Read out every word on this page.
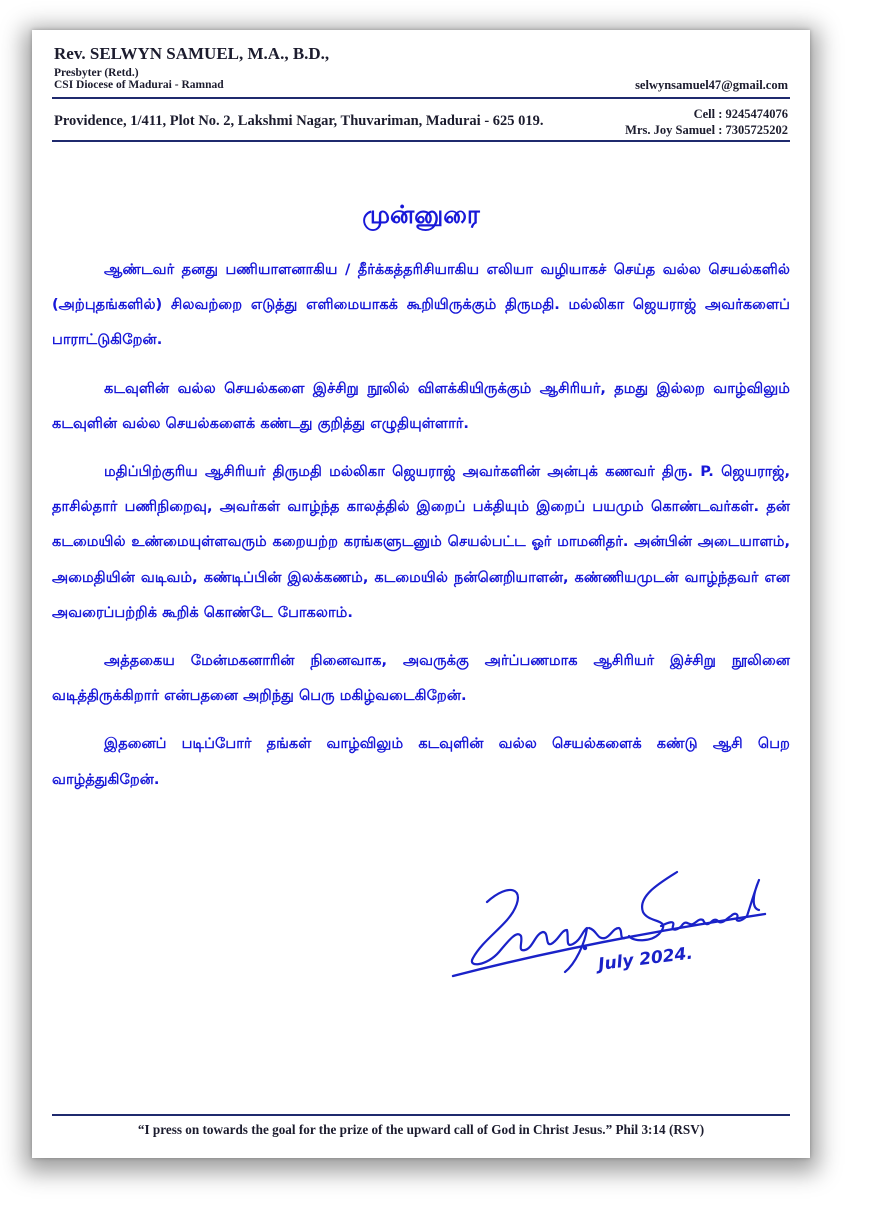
Rev. SELWYN SAMUEL, M.A., B.D.,
Presbyter (Retd.)
CSI Diocese of Madurai - Ramnad	selwynsamuel47@gmail.com
Providence, 1/411, Plot No. 2, Lakshmi Nagar, Thuvariman, Madurai - 625 019.	Cell : 9245474076
Mrs. Joy Samuel : 7305725202
முன்னுரை

ஆண்டவர் தனது பணியாளனாகிய / தீர்க்கத்தரிசியாகிய எலியா வழியாகச் செய்த வல்ல செயல்களில் (அற்புதங்களில்) சிலவற்றை எடுத்து எளிமையாகக் கூறியிருக்கும் திருமதி. மல்லிகா ஜெயராஜ் அவர்களைப் பாராட்டுகிறேன்.

கடவுளின் வல்ல செயல்களை இச்சிறு நூலில் விளக்கியிருக்கும் ஆசிரியர், தமது இல்லற வாழ்விலும் கடவுளின் வல்ல செயல்களைக் கண்டது குறித்து எழுதியுள்ளார்.

மதிப்பிற்குரிய ஆசிரியர் திருமதி மல்லிகா ஜெயராஜ் அவர்களின் அன்புக் கணவர் திரு. P. ஜெயராஜ், தாசில்தார் பணிநிறைவு, அவர்கள் வாழ்ந்த காலத்தில் இறைப் பக்தியும் இறைப் பயமும் கொண்டவர்கள். தன் கடமையில் உண்மையுள்ளவரும் கறையற்ற கரங்களுடனும் செயல்பட்ட ஓர் மாமனிதர். அன்பின் அடையாளம், அமைதியின் வடிவம், கண்டிப்பின் இலக்கணம், கடமையில் நன்னெறியாளன், கண்ணியமுடன் வாழ்ந்தவர் என அவரைப்பற்றிக் கூறிக் கொண்டே போகலாம்.

அத்தகைய மேன்மகனாரின் நினைவாக, அவருக்கு அர்ப்பணமாக ஆசிரியர் இச்சிறு நூலினை வடித்திருக்கிறார் என்பதனை அறிந்து பெரு மகிழ்வடைகிறேன்.

இதனைப் படிப்போர் தங்கள் வாழ்விலும் கடவுளின் வல்ல செயல்களைக் கண்டு ஆசி பெற வாழ்த்துகிறேன்.

July 2024.
“I press on towards the goal for the prize of the upward call of God in Christ Jesus.” Phil 3:14 (RSV)
